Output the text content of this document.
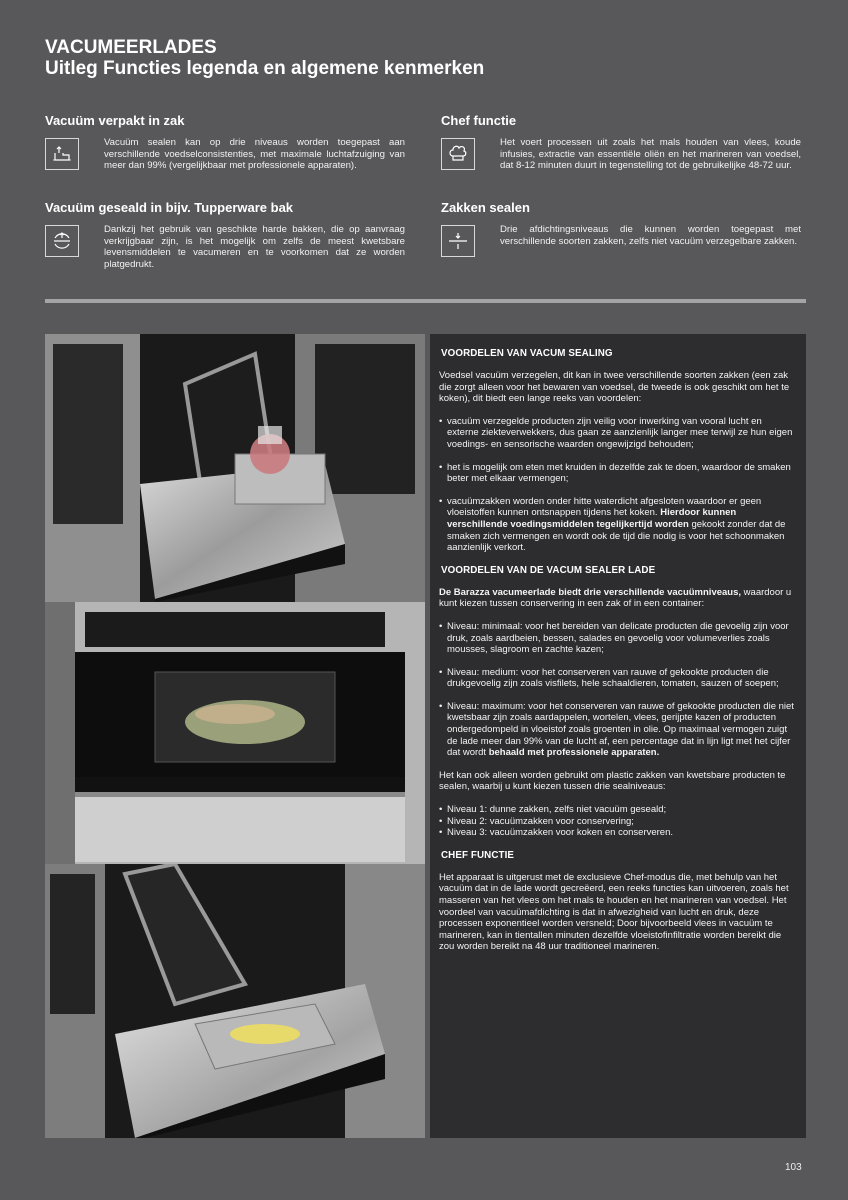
VACUMEERLADES
Uitleg Functies legenda en algemene kenmerken
Vacuüm verpakt in zak

Vacuüm sealen kan op drie niveaus worden toegepast aan verschillende voedselconsistenties, met maximale luchtafzuiging van meer dan 99% (vergelijkbaar met professionele apparaten).

Chef functie

Het voert processen uit zoals het mals houden van vlees, koude infusies, extractie van essentiële oliën en het marineren van voedsel, dat 8-12 minuten duurt in tegenstelling tot de gebruikelijke 48-72 uur.

Vacuüm geseald in bijv. Tupperware bak

Dankzij het gebruik van geschikte harde bakken, die op aanvraag verkrijgbaar zijn, is het mogelijk om zelfs de meest kwetsbare levensmiddelen te vacumeren en te voorkomen dat ze worden platgedrukt.

Zakken sealen

Drie afdichtingsniveaus die kunnen worden toegepast met verschillende soorten zakken, zelfs niet vacuüm verzegelbare zakken.

VOORDELEN VAN VACUM SEALING

Voedsel vacuüm verzegelen, dit kan in twee verschillende soorten zakken (een zak die zorgt alleen voor het bewaren van voedsel, de tweede is ook geschikt om het te koken), dit biedt een lange reeks van voordelen:

• vacuüm verzegelde producten zijn veilig voor inwerking van vooral lucht en externe ziekteverwekkers, dus gaan ze aanzienlijk langer mee terwijl ze hun eigen voedings- en sensorische waarden ongewijzigd behouden;
• het is mogelijk om eten met kruiden in dezelfde zak te doen, waardoor de smaken beter met elkaar vermengen;
• vacuümzakken worden onder hitte waterdicht afgesloten waardoor er geen vloeistoffen kunnen ontsnappen tijdens het koken. Hierdoor kunnen verschillende voedingsmiddelen tegelijkertijd worden gekookt zonder dat de smaken zich vermengen en wordt ook de tijd die nodig is voor het schoonmaken aanzienlijk verkort.
VOORDELEN VAN DE VACUM SEALER LADE

De Barazza vacumeerlade biedt drie verschillende vacuümniveaus, waardoor u kunt kiezen tussen conservering in een zak of in een container:

• Niveau: minimaal: voor het bereiden van delicate producten die gevoelig zijn voor druk, zoals aardbeien, bessen, salades en gevoelig voor volumeverlies zoals mousses, slagroom en zachte kazen;
• Niveau: medium: voor het conserveren van rauwe of gekookte producten die drukgevoelig zijn zoals visfilets, hele schaaldieren, tomaten, sauzen of soepen;
• Niveau: maximum: voor het conserveren van rauwe of gekookte producten die niet kwetsbaar zijn zoals aardappelen, wortelen, vlees, gerijpte kazen of producten ondergedompeld in vloeistof zoals groenten in olie. Op maximaal vermogen zuigt de lade meer dan 99% van de lucht af, een percentage dat in lijn ligt met het cijfer dat wordt behaald met professionele apparaten.

Het kan ook alleen worden gebruikt om plastic zakken van kwetsbare producten te sealen, waarbij u kunt kiezen tussen drie sealniveaus:

• Niveau 1: dunne zakken, zelfs niet vacuüm geseald;
• Niveau 2: vacuümzakken voor conservering;
• Niveau 3: vacuümzakken voor koken en conserveren.
CHEF FUNCTIE

Het apparaat is uitgerust met de exclusieve Chef-modus die, met behulp van het vacuüm dat in de lade wordt gecreëerd, een reeks functies kan uitvoeren, zoals het masseren van het vlees om het mals te houden en het marineren van voedsel. Het voordeel van vacuümafdichting is dat in afwezigheid van lucht en druk, deze processen exponentieel worden versneld; Door bijvoorbeeld vlees in vacuüm te marineren, kan in tientallen minuten dezelfde vloeistofinfiltratie worden bereikt die zou worden bereikt na 48 uur traditioneel marineren.

103
